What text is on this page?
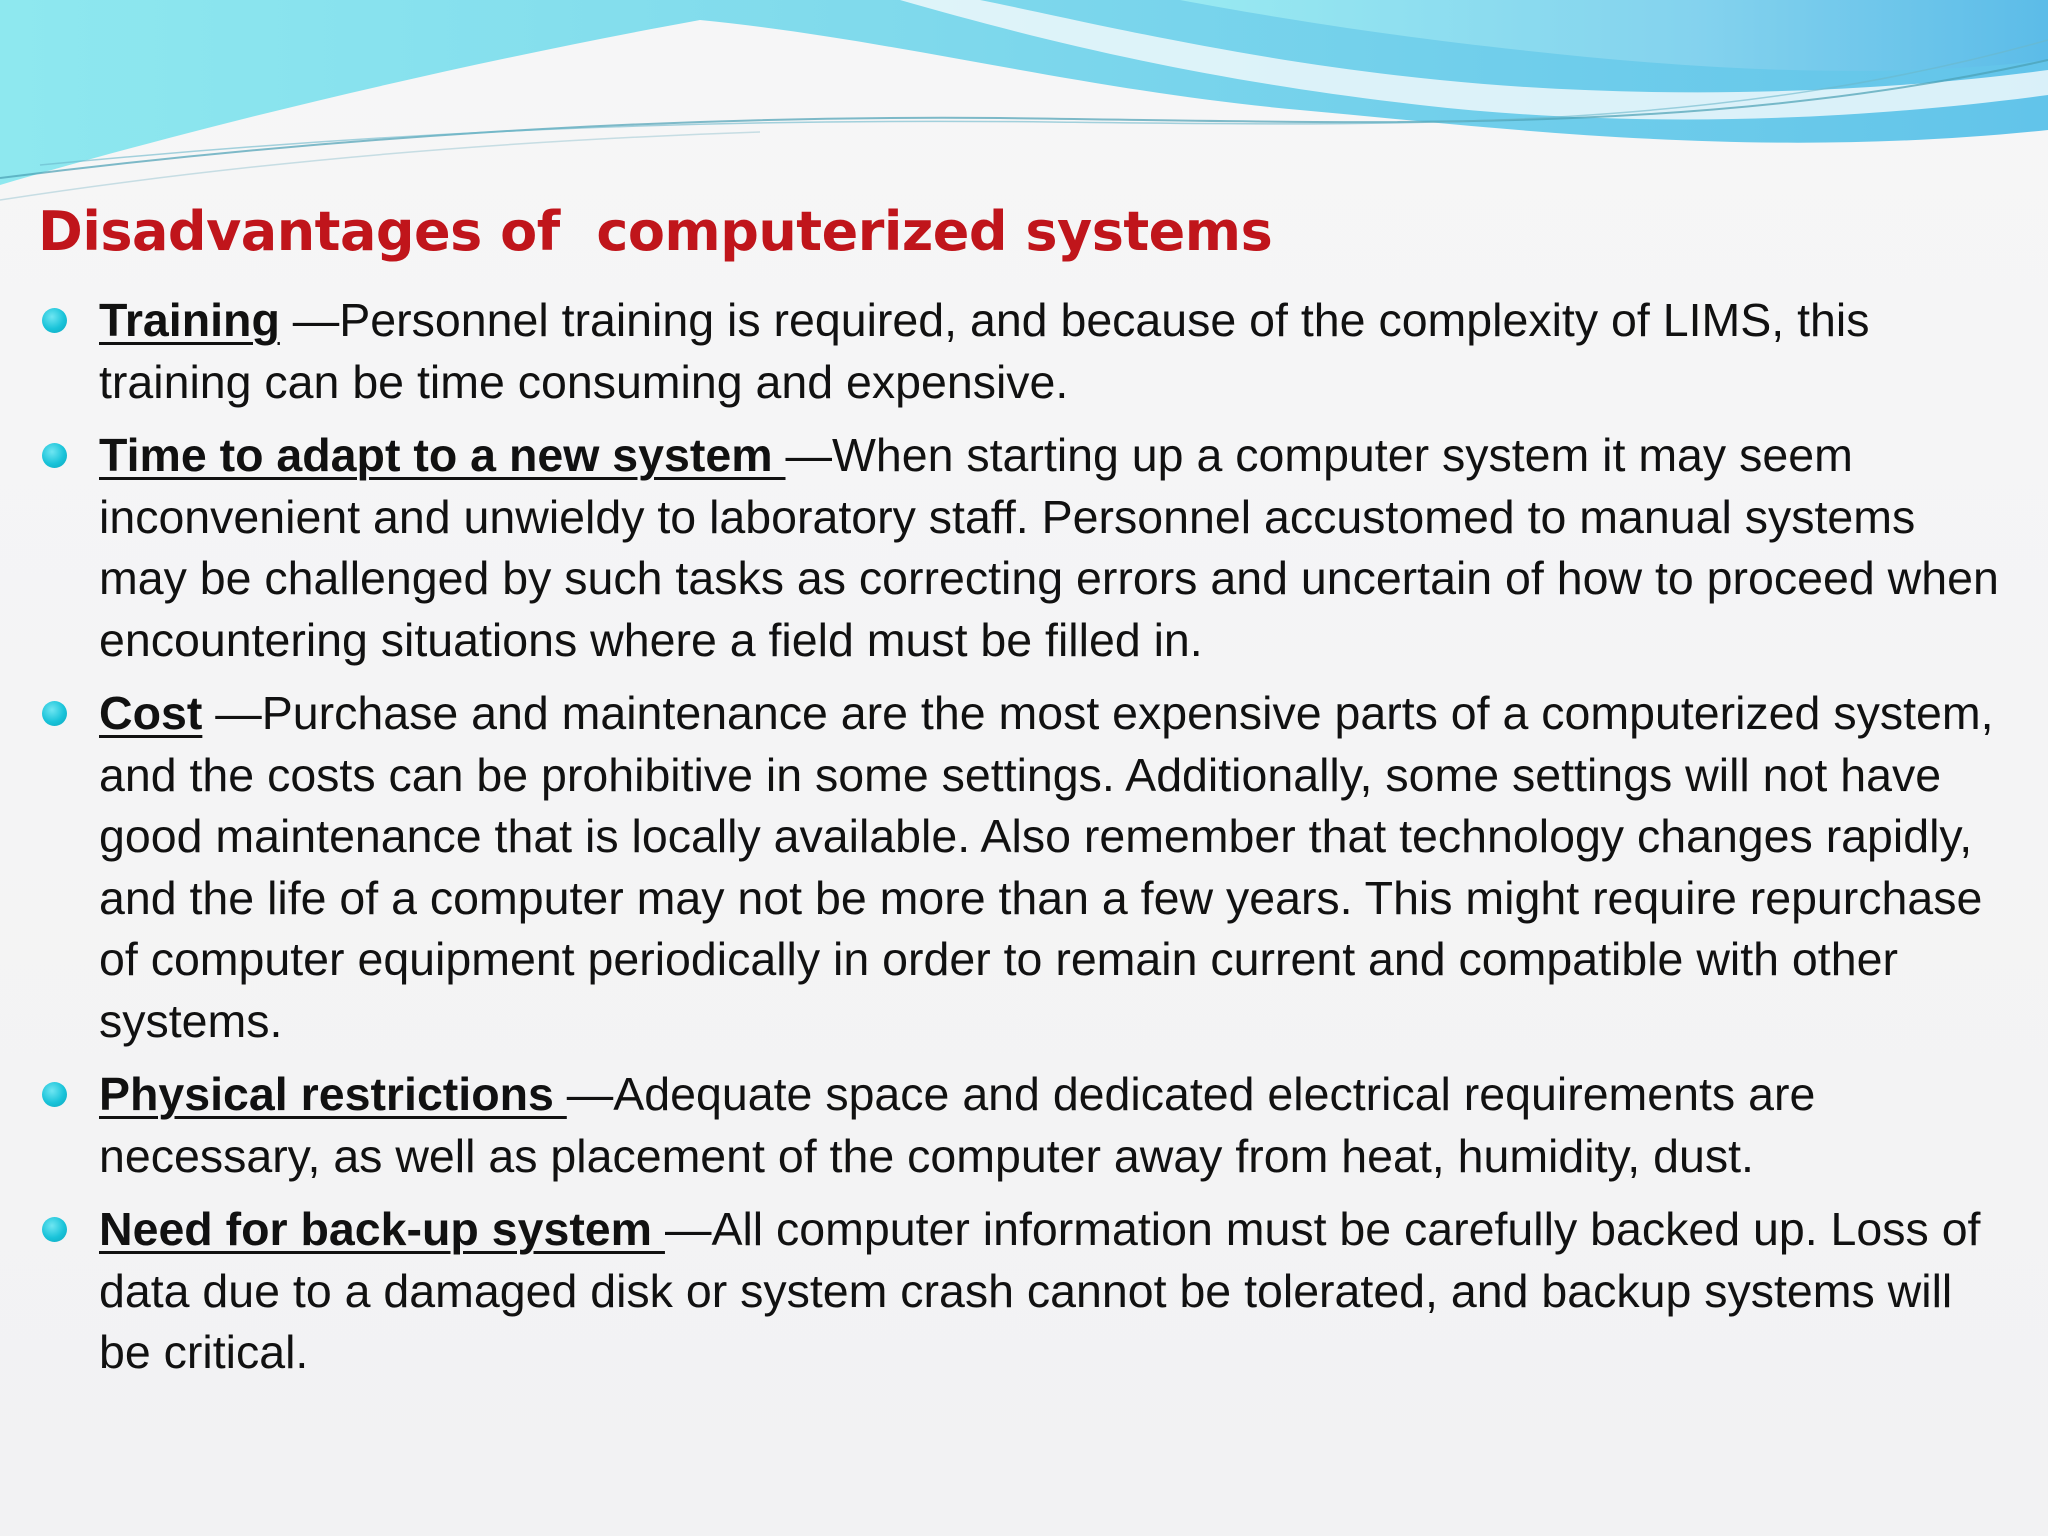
Disadvantages of  computerized systems
Training —Personnel training is required, and because of the complexity of LIMS, this training can be time consuming and expensive.
Time to adapt to a new system —When starting up a computer system it may seem inconvenient and unwieldy to laboratory staff. Personnel accustomed to manual systems may be challenged by such tasks as correcting errors and uncertain of how to proceed when encountering situations where a field must be filled in.
Cost —Purchase and maintenance are the most expensive parts of a computerized system, and the costs can be prohibitive in some settings. Additionally, some settings will not have good maintenance that is locally available. Also remember that technology changes rapidly, and the life of a computer may not be more than a few years. This might require repurchase of computer equipment periodically in order to remain current and compatible with other systems.
Physical restrictions —Adequate space and dedicated electrical requirements are necessary, as well as placement of the computer away from heat, humidity, dust.
Need for back-up system —All computer information must be carefully backed up. Loss of data due to a damaged disk or system crash cannot be tolerated, and backup systems will be critical.
